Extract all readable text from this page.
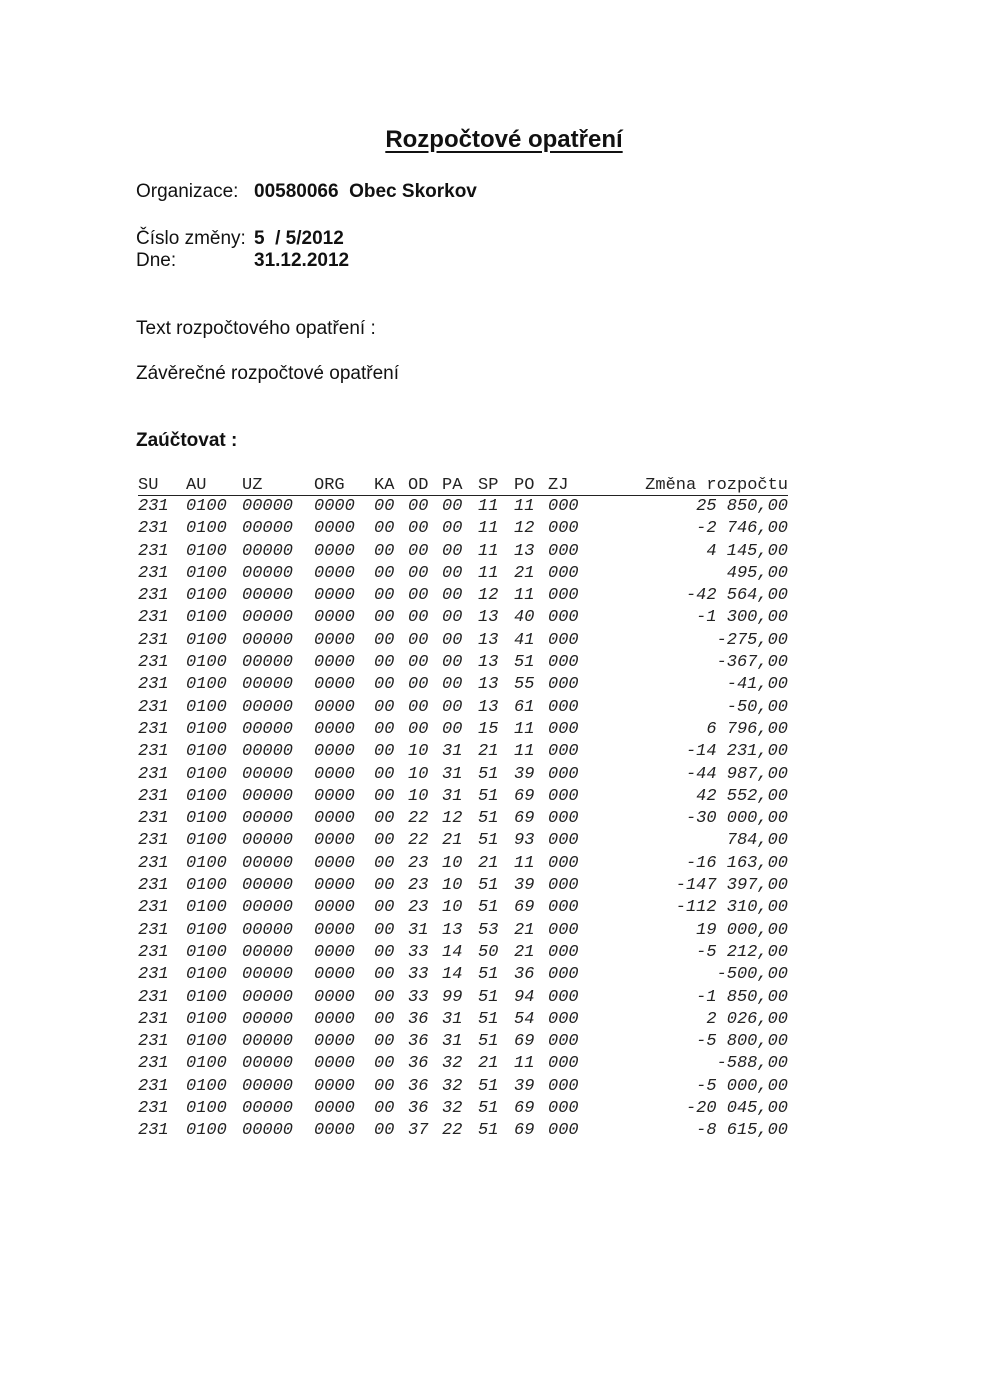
Rozpočtové opatření
Organizace: 00580066  Obec Skorkov
Číslo změny: 5  / 5/2012
Dne:	31.12.2012
Text rozpočtového opatření :
Závěrečné rozpočtové opatření
Zaúčtovat :
SU AU UZ	ORG KA OD PA SP PO ZJ	Změna rozpočtu
231 0100 00000 0000 00 00 00 11 11 000	25 850,00
231 0100 00000 0000 00 00 00 11 12 000	-2 746,00
231 0100 00000 0000 00 00 00 11 13 000	4 145,00
231 0100 00000 0000 00 00 00 11 21 000	495,00
231 0100 00000 0000 00 00 00 12 11 000	-42 564,00
231 0100 00000 0000 00 00 00 13 40 000	-1 300,00
231 0100 00000 0000 00 00 00 13 41 000	-275,00
231 0100 00000 0000 00 00 00 13 51 000	-367,00
231 0100 00000 0000 00 00 00 13 55 000	-41,00
231 0100 00000 0000 00 00 00 13 61 000	-50,00
231 0100 00000 0000 00 00 00 15 11 000	6 796,00
231 0100 00000 0000 00 10 31 21 11 000	-14 231,00
231 0100 00000 0000 00 10 31 51 39 000	-44 987,00
231 0100 00000 0000 00 10 31 51 69 000	42 552,00
231 0100 00000 0000 00 22 12 51 69 000	-30 000,00
231 0100 00000 0000 00 22 21 51 93 000	784,00
231 0100 00000 0000 00 23 10 21 11 000	-16 163,00
231 0100 00000 0000 00 23 10 51 39 000	-147 397,00
231 0100 00000 0000 00 23 10 51 69 000	-112 310,00
231 0100 00000 0000 00 31 13 53 21 000	19 000,00
231 0100 00000 0000 00 33 14 50 21 000	-5 212,00
231 0100 00000 0000 00 33 14 51 36 000	-500,00
231 0100 00000 0000 00 33 99 51 94 000	-1 850,00
231 0100 00000 0000 00 36 31 51 54 000	2 026,00
231 0100 00000 0000 00 36 31 51 69 000	-5 800,00
231 0100 00000 0000 00 36 32 21 11 000	-588,00
231 0100 00000 0000 00 36 32 51 39 000	-5 000,00
231 0100 00000 0000 00 36 32 51 69 000	-20 045,00
231 0100 00000 0000 00 37 22 51 69 000	-8 615,00
